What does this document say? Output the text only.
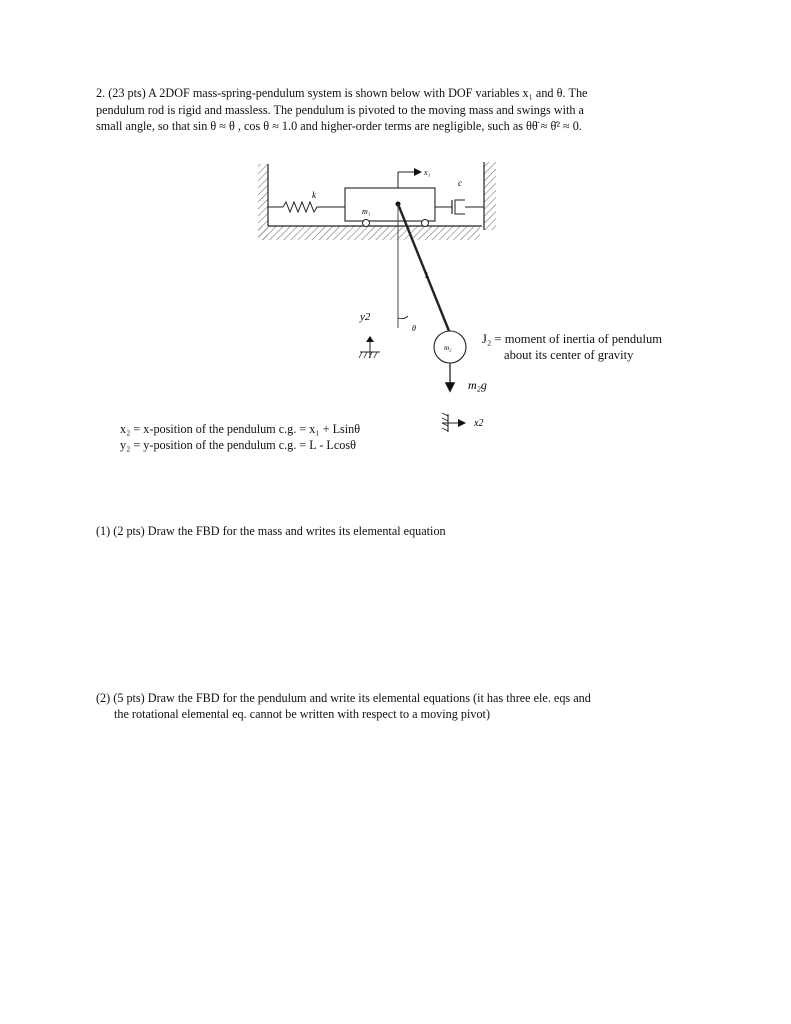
2. (23 pts) A 2DOF mass-spring-pendulum system is shown below with DOF variables x₁ and θ. The
pendulum rod is rigid and massless. The pendulum is pivoted to the moving mass and swings with a
small angle, so that sin θ ≈ θ , cos θ ≈ 1.0 and higher-order terms are negligible, such as θθ̈ ≈ θ̇² ≈ 0.
k
m₁
x₁
c
L
θ
m₂
m₂g
y2
x2
J₂ = moment of inertia of pendulum
about its center of gravity
x₂ = x-position of the pendulum c.g. = x₁ + Lsinθ
y₂ = y-position of the pendulum c.g. = L - Lcosθ
(1) (2 pts) Draw the FBD for the mass and writes its elemental equation
(2) (5 pts) Draw the FBD for the pendulum and write its elemental equations (it has three ele. eqs and
the rotational elemental eq. cannot be written with respect to a moving pivot)
